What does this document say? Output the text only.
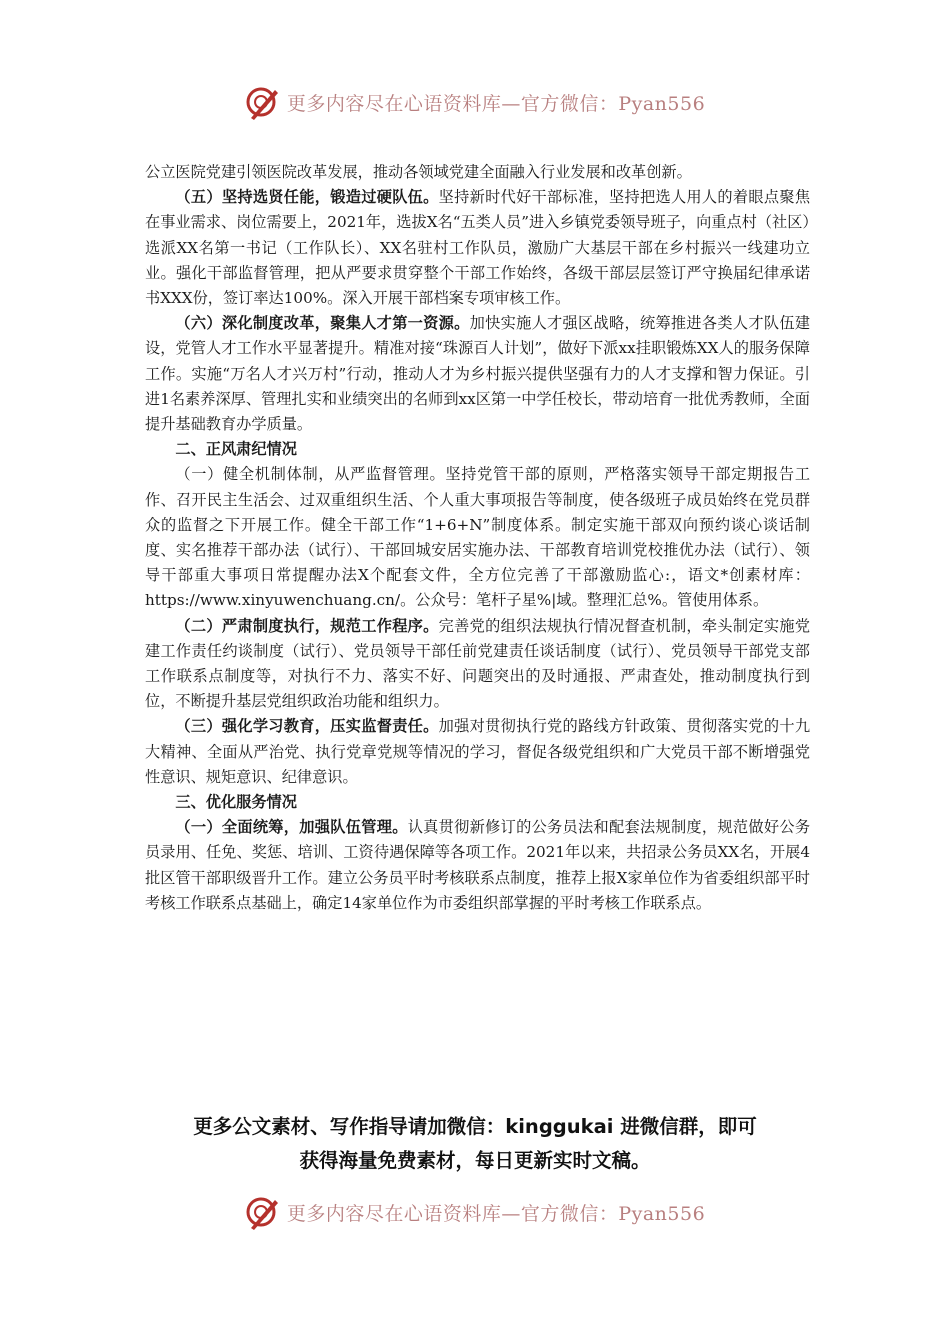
更多内容尽在心语资料库—官方微信：Pyan556

公立医院党建引领医院改革发展，推动各领域党建全面融入行业发展和改革创新。

（五）坚持选贤任能，锻造过硬队伍。坚持新时代好干部标准，坚持把选人用人的着眼点聚焦在事业需求、岗位需要上，2021年，选拔X名“五类人员”进入乡镇党委领导班子，向重点村（社区）选派XX名第一书记（工作队长）、XX名驻村工作队员，激励广大基层干部在乡村振兴一线建功立业。强化干部监督管理，把从严要求贯穿整个干部工作始终，各级干部层层签订严守换届纪律承诺书XXX份，签订率达100%。深入开展干部档案专项审核工作。

（六）深化制度改革，聚集人才第一资源。加快实施人才强区战略，统筹推进各类人才队伍建设，党管人才工作水平显著提升。精准对接“珠源百人计划”，做好下派xx挂职锻炼XX人的服务保障工作。实施“万名人才兴万村”行动，推动人才为乡村振兴提供坚强有力的人才支撑和智力保证。引进1名素养深厚、管理扎实和业绩突出的名师到xx区第一中学任校长，带动培育一批优秀教师，全面提升基础教育办学质量。

二、正风肃纪情况

（一）健全机制体制，从严监督管理。坚持党管干部的原则，严格落实领导干部定期报告工作、召开民主生活会、过双重组织生活、个人重大事项报告等制度，使各级班子成员始终在党员群众的监督之下开展工作。健全干部工作“1+6+N”制度体系。制定实施干部双向预约谈心谈话制度、实名推荐干部办法（试行）、干部回城安居实施办法、干部教育培训党校推优办法（试行）、领导干部重大事项日常提醒办法X个配套文件，全方位完善了干部激励监心:，语文*创素材库：https://www.xinyuwenchuang.cn/。公众号：笔杆子星%|域。整理汇总%。管使用体系。

（二）严肃制度执行，规范工作程序。完善党的组织法规执行情况督查机制，牵头制定实施党建工作责任约谈制度（试行）、党员领导干部任前党建责任谈话制度（试行）、党员领导干部党支部工作联系点制度等，对执行不力、落实不好、问题突出的及时通报、严肃查处，推动制度执行到位，不断提升基层党组织政治功能和组织力。

（三）强化学习教育，压实监督责任。加强对贯彻执行党的路线方针政策、贯彻落实党的十九大精神、全面从严治党、执行党章党规等情况的学习，督促各级党组织和广大党员干部不断增强党性意识、规矩意识、纪律意识。

三、优化服务情况

（一）全面统筹，加强队伍管理。认真贯彻新修订的公务员法和配套法规制度，规范做好公务员录用、任免、奖惩、培训、工资待遇保障等各项工作。2021年以来，共招录公务员XX名，开展4批区管干部职级晋升工作。建立公务员平时考核联系点制度，推荐上报X家单位作为省委组织部平时考核工作联系点基础上，确定14家单位作为市委组织部掌握的平时考核工作联系点。

更多公文素材、写作指导请加微信：kinggukai 进微信群，即可
获得海量免费素材，每日更新实时文稿。
更多内容尽在心语资料库—官方微信：Pyan556
